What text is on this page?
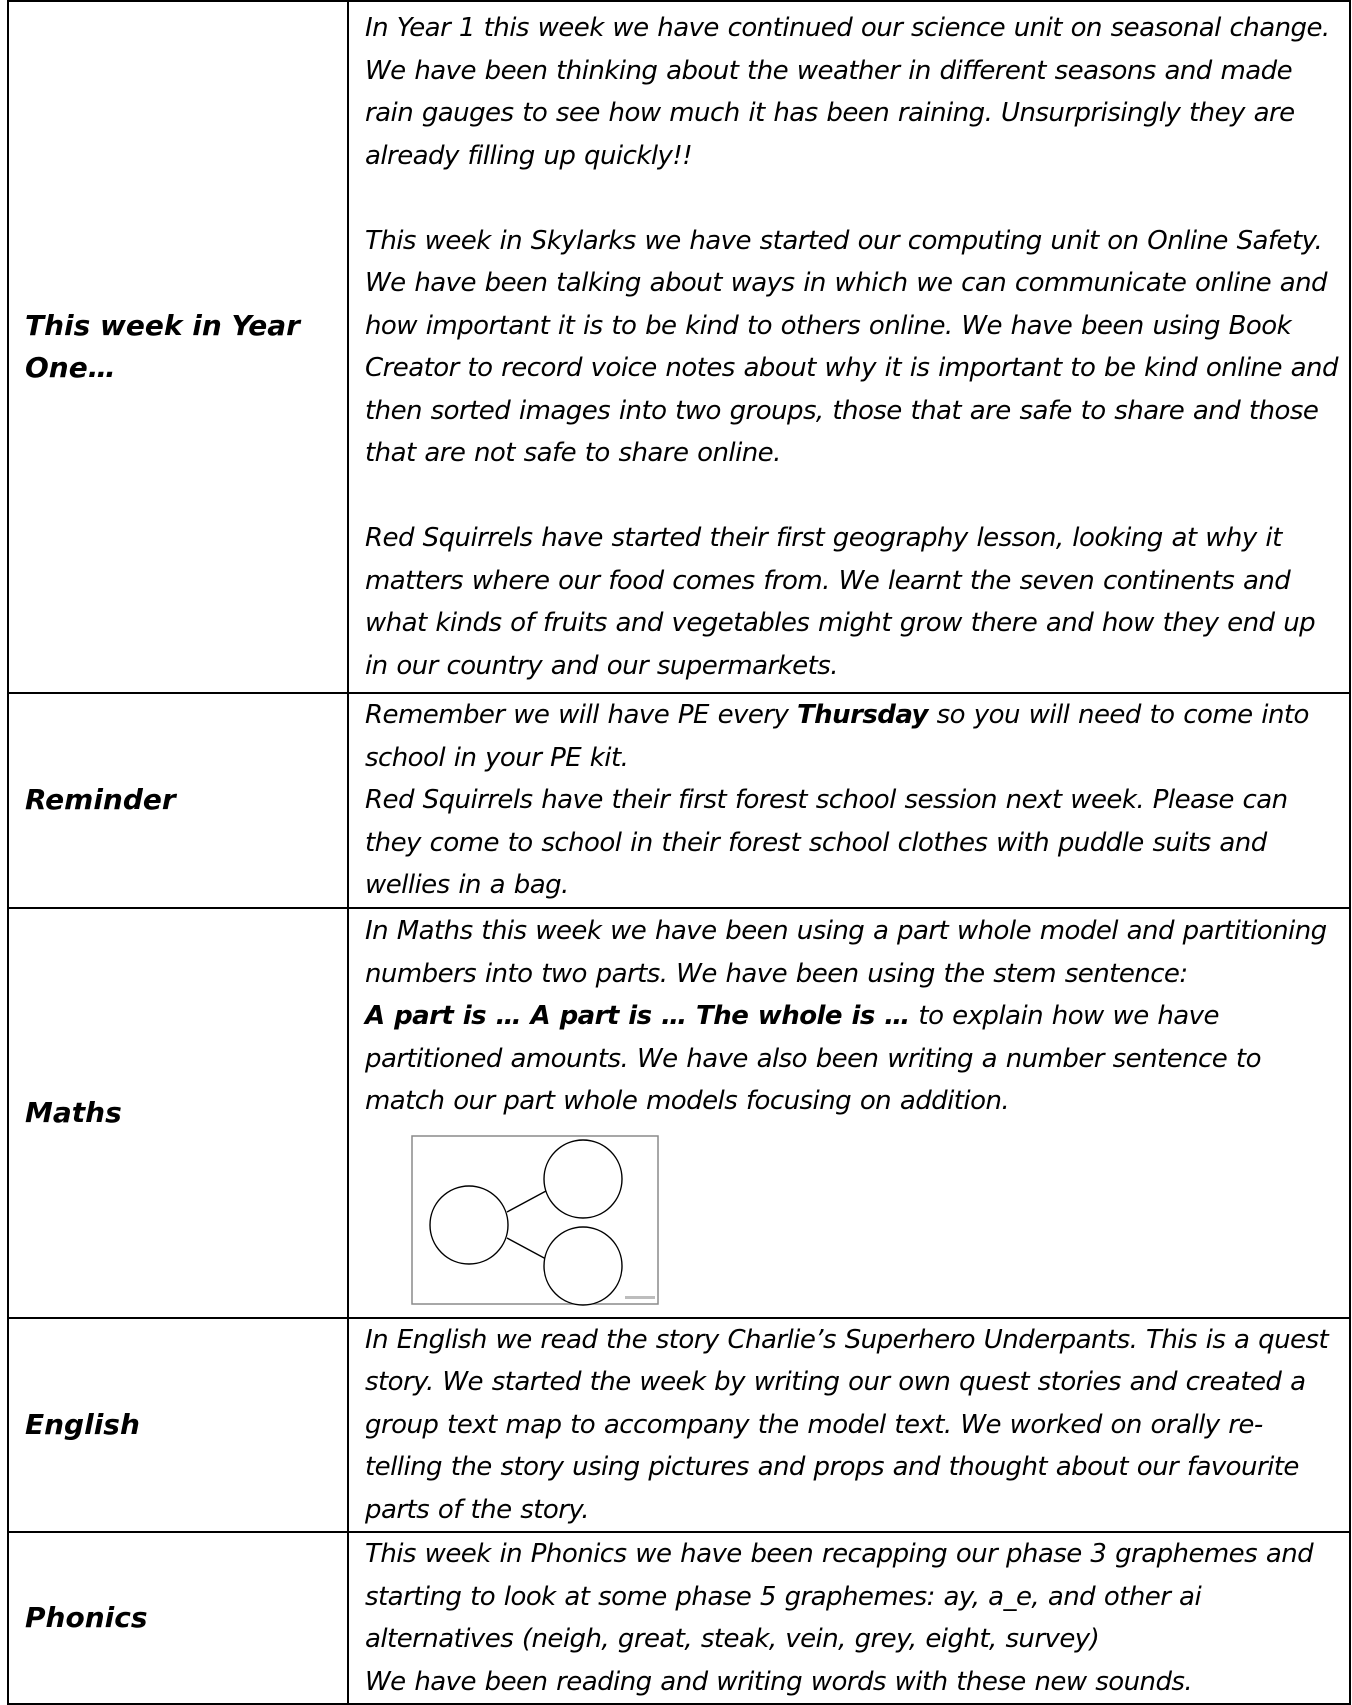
This week in Year One…	In Year 1 this week we have continued our science unit on seasonal change. We have been thinking about the weather in different seasons and made rain gauges to see how much it has been raining. Unsurprisingly they are already filling up quickly!!

This week in Skylarks we have started our computing unit on Online Safety. We have been talking about ways in which we can communicate online and how important it is to be kind to others online. We have been using Book Creator to record voice notes about why it is important to be kind online and then sorted images into two groups, those that are safe to share and those that are not safe to share online.

Red Squirrels have started their first geography lesson, looking at why it matters where our food comes from. We learnt the seven continents and what kinds of fruits and vegetables might grow there and how they end up in our country and our supermarkets.

Reminder	Remember we will have PE every Thursday so you will need to come into school in your PE kit.

Red Squirrels have their first forest school session next week. Please can they come to school in their forest school clothes with puddle suits and wellies in a bag.

Maths	In Maths this week we have been using a part whole model and partitioning numbers into two parts. We have been using the stem sentence:

A part is … A part is … The whole is … to explain how we have partitioned amounts. We have also been writing a number sentence to match our part whole models focusing on addition.

English	In English we read the story Charlie’s Superhero Underpants. This is a quest story. We started the week by writing our own quest stories and created a group text map to accompany the model text. We worked on orally re-telling the story using pictures and props and thought about our favourite parts of the story.

Phonics	This week in Phonics we have been recapping our phase 3 graphemes and starting to look at some phase 5 graphemes: ay, a_e, and other ai alternatives (neigh, great, steak, vein, grey, eight, survey)

We have been reading and writing words with these new sounds.
